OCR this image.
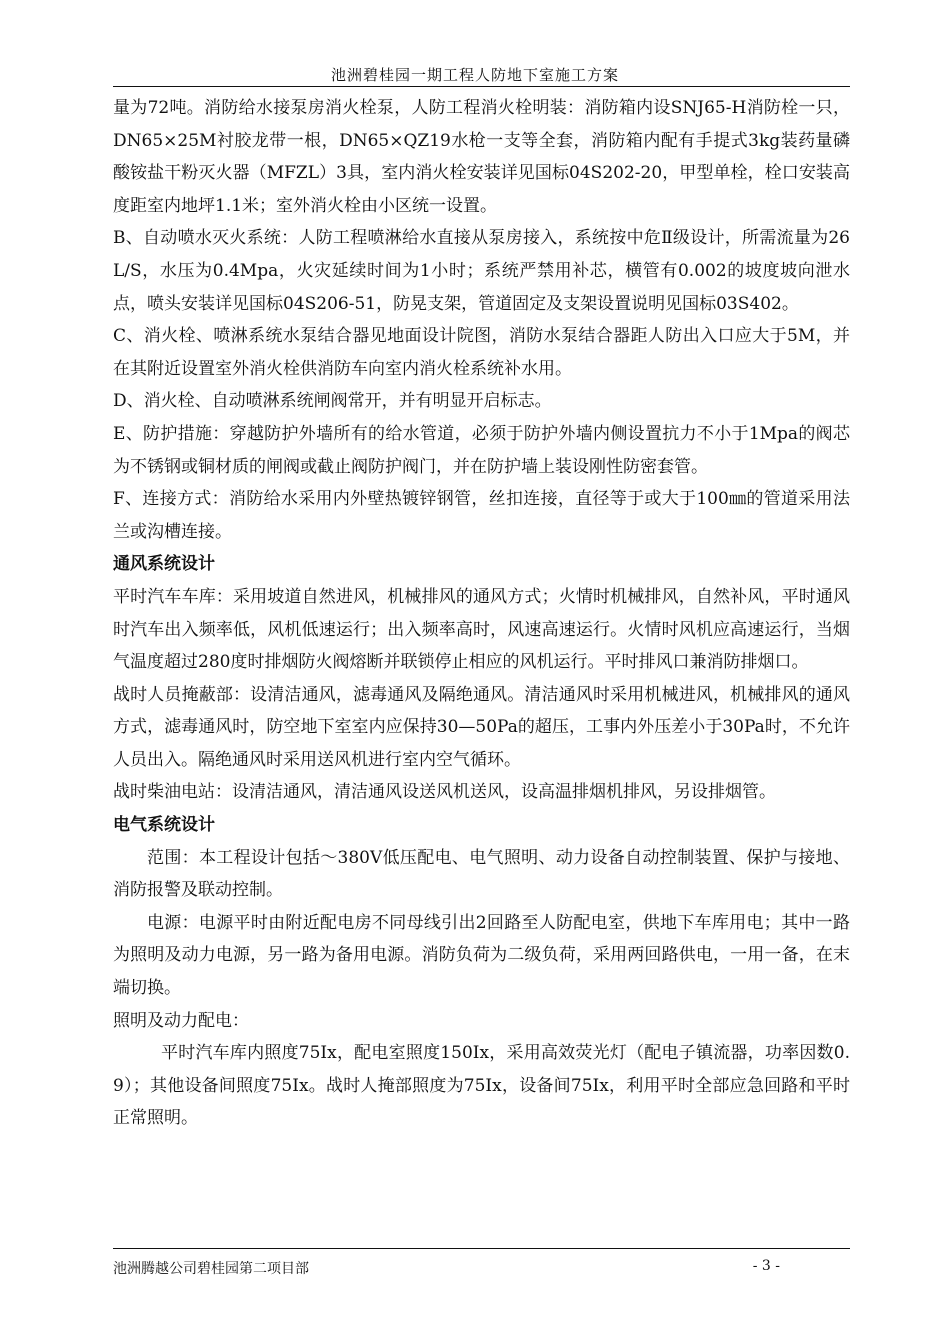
池洲碧桂园一期工程人防地下室施工方案

量为72吨。消防给水接泵房消火栓泵，人防工程消火栓明装：消防箱内设SNJ65-H消防栓一只，DN65×25M衬胶龙带一根，DN65×QZ19水枪一支等全套，消防箱内配有手提式3kg装药量磷酸铵盐干粉灭火器（MFZL）3具，室内消火栓安装详见国标04S202-20，甲型单栓，栓口安装高度距室内地坪1.1米；室外消火栓由小区统一设置。

B、自动喷水灭火系统：人防工程喷淋给水直接从泵房接入，系统按中危Ⅱ级设计，所需流量为26L/S，水压为0.4Mpa，火灾延续时间为1小时；系统严禁用补芯，横管有0.002的坡度坡向泄水点，喷头安装详见国标04S206-51，防晃支架，管道固定及支架设置说明见国标03S402。

C、消火栓、喷淋系统水泵结合器见地面设计院图，消防水泵结合器距人防出入口应大于5M，并在其附近设置室外消火栓供消防车向室内消火栓系统补水用。

D、消火栓、自动喷淋系统闸阀常开，并有明显开启标志。

E、防护措施：穿越防护外墙所有的给水管道，必须于防护外墙内侧设置抗力不小于1Mpa的阀芯为不锈钢或铜材质的闸阀或截止阀防护阀门，并在防护墙上装设刚性防密套管。

F、连接方式：消防给水采用内外壁热镀锌钢管，丝扣连接，直径等于或大于100㎜的管道采用法兰或沟槽连接。

通风系统设计

平时汽车车库：采用坡道自然进风，机械排风的通风方式；火情时机械排风，自然补风，平时通风时汽车出入频率低，风机低速运行；出入频率高时，风速高速运行。火情时风机应高速运行，当烟气温度超过280度时排烟防火阀熔断并联锁停止相应的风机运行。平时排风口兼消防排烟口。

战时人员掩蔽部：设清洁通风，滤毒通风及隔绝通风。清洁通风时采用机械进风，机械排风的通风方式，滤毒通风时，防空地下室室内应保持30—50Pa的超压，工事内外压差小于30Pa时，不允许人员出入。隔绝通风时采用送风机进行室内空气循环。

战时柴油电站：设清洁通风，清洁通风设送风机送风，设高温排烟机排风，另设排烟管。

电气系统设计

范围：本工程设计包括～380V低压配电、电气照明、动力设备自动控制装置、保护与接地、消防报警及联动控制。

电源：电源平时由附近配电房不同母线引出2回路至人防配电室，供地下车库用电；其中一路为照明及动力电源，另一路为备用电源。消防负荷为二级负荷，采用两回路供电，一用一备，在末端切换。

照明及动力配电：

平时汽车库内照度75Ix，配电室照度150Ix，采用高效荧光灯（配电子镇流器，功率因数0.9）；其他设备间照度75Ix。战时人掩部照度为75Ix，设备间75Ix，利用平时全部应急回路和平时正常照明。

池洲腾越公司碧桂园第二项目部	- 3 -
